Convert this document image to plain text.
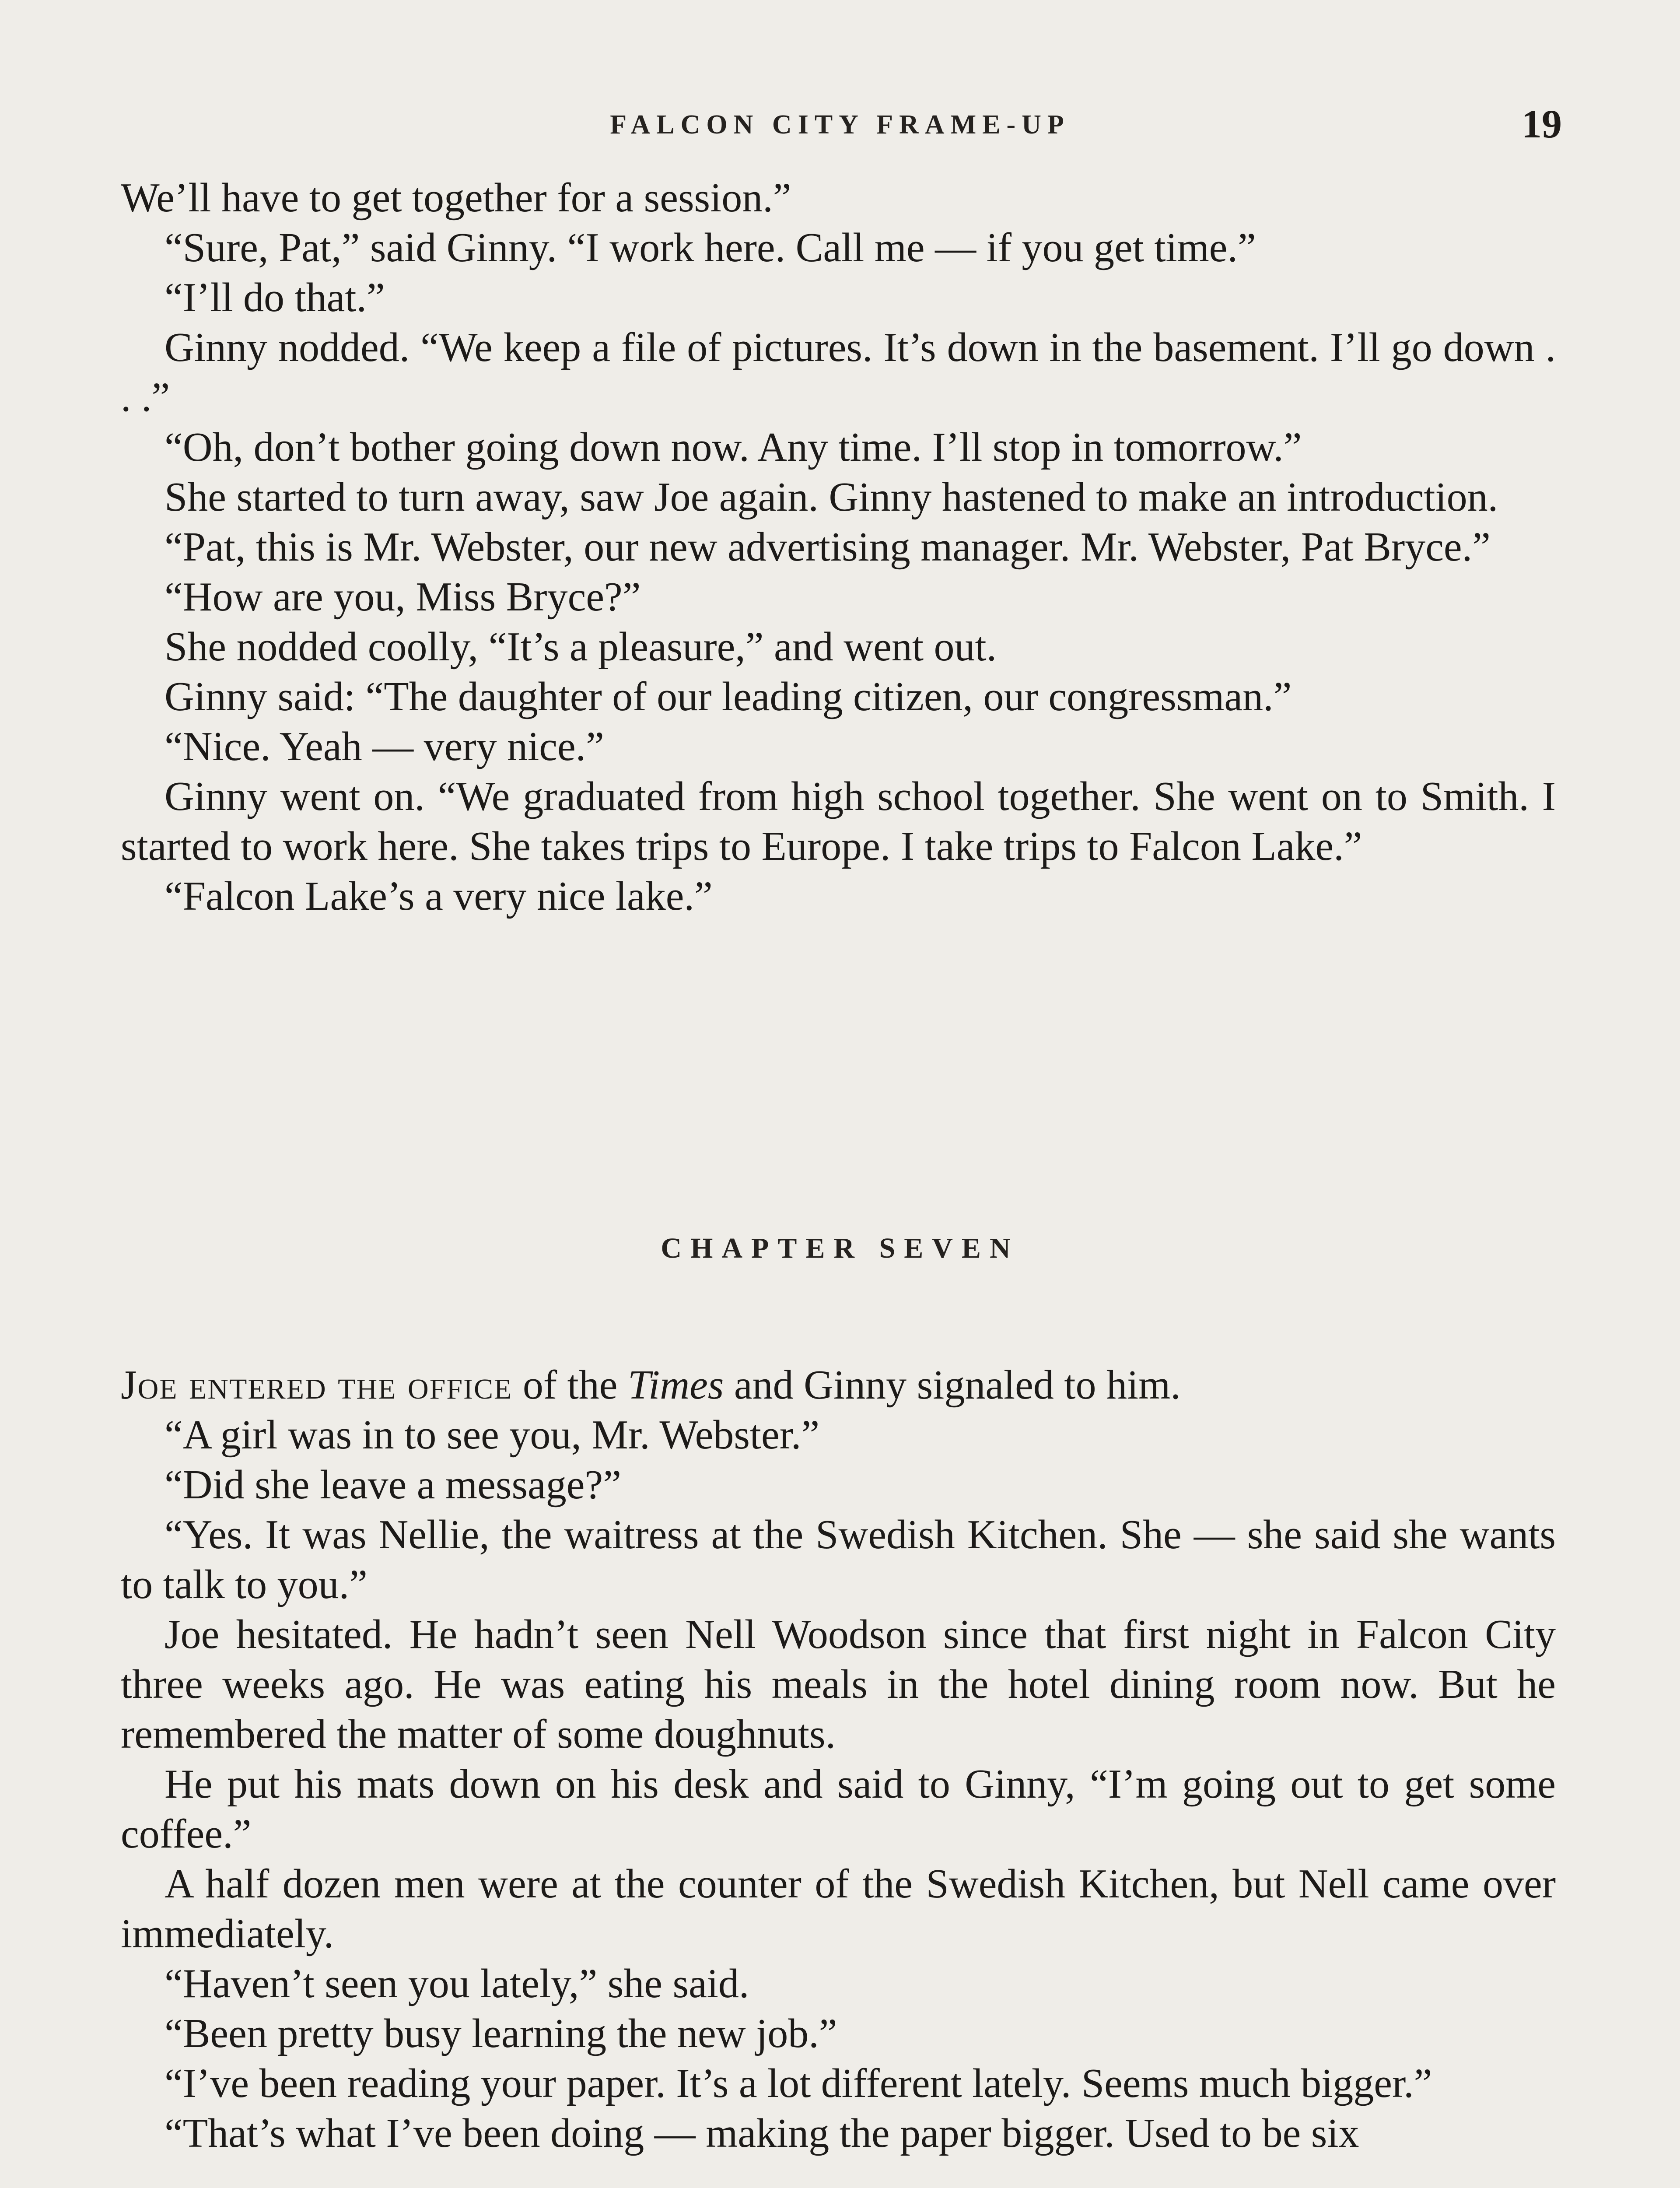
FALCON CITY FRAME-UP	19

We’ll have to get together for a session.”

“Sure, Pat,” said Ginny. “I work here. Call me — if you get time.”

“I’ll do that.”

Ginny nodded. “We keep a file of pictures. It’s down in the basement. I’ll go down . . .”

“Oh, don’t bother going down now. Any time. I’ll stop in tomorrow.”

She started to turn away, saw Joe again. Ginny hastened to make an introduction.

“Pat, this is Mr. Webster, our new advertising manager. Mr. Webster, Pat Bryce.”

“How are you, Miss Bryce?”

She nodded coolly, “It’s a pleasure,” and went out.

Ginny said: “The daughter of our leading citizen, our congressman.”

“Nice. Yeah — very nice.”

Ginny went on. “We graduated from high school together. She went on to Smith. I started to work here. She takes trips to Europe. I take trips to Falcon Lake.”

“Falcon Lake’s a very nice lake.”

CHAPTER SEVEN

Joe entered the office of the Times and Ginny signaled to him.

“A girl was in to see you, Mr. Webster.”

“Did she leave a message?”

“Yes. It was Nellie, the waitress at the Swedish Kitchen. She — she said she wants to talk to you.”

Joe hesitated. He hadn’t seen Nell Woodson since that first night in Falcon City three weeks ago. He was eating his meals in the hotel dining room now. But he remembered the matter of some doughnuts.

He put his mats down on his desk and said to Ginny, “I’m going out to get some coffee.”

A half dozen men were at the counter of the Swedish Kitchen, but Nell came over immediately.

“Haven’t seen you lately,” she said.

“Been pretty busy learning the new job.”

“I’ve been reading your paper. It’s a lot different lately. Seems much bigger.”

“That’s what I’ve been doing — making the paper bigger. Used to be six
